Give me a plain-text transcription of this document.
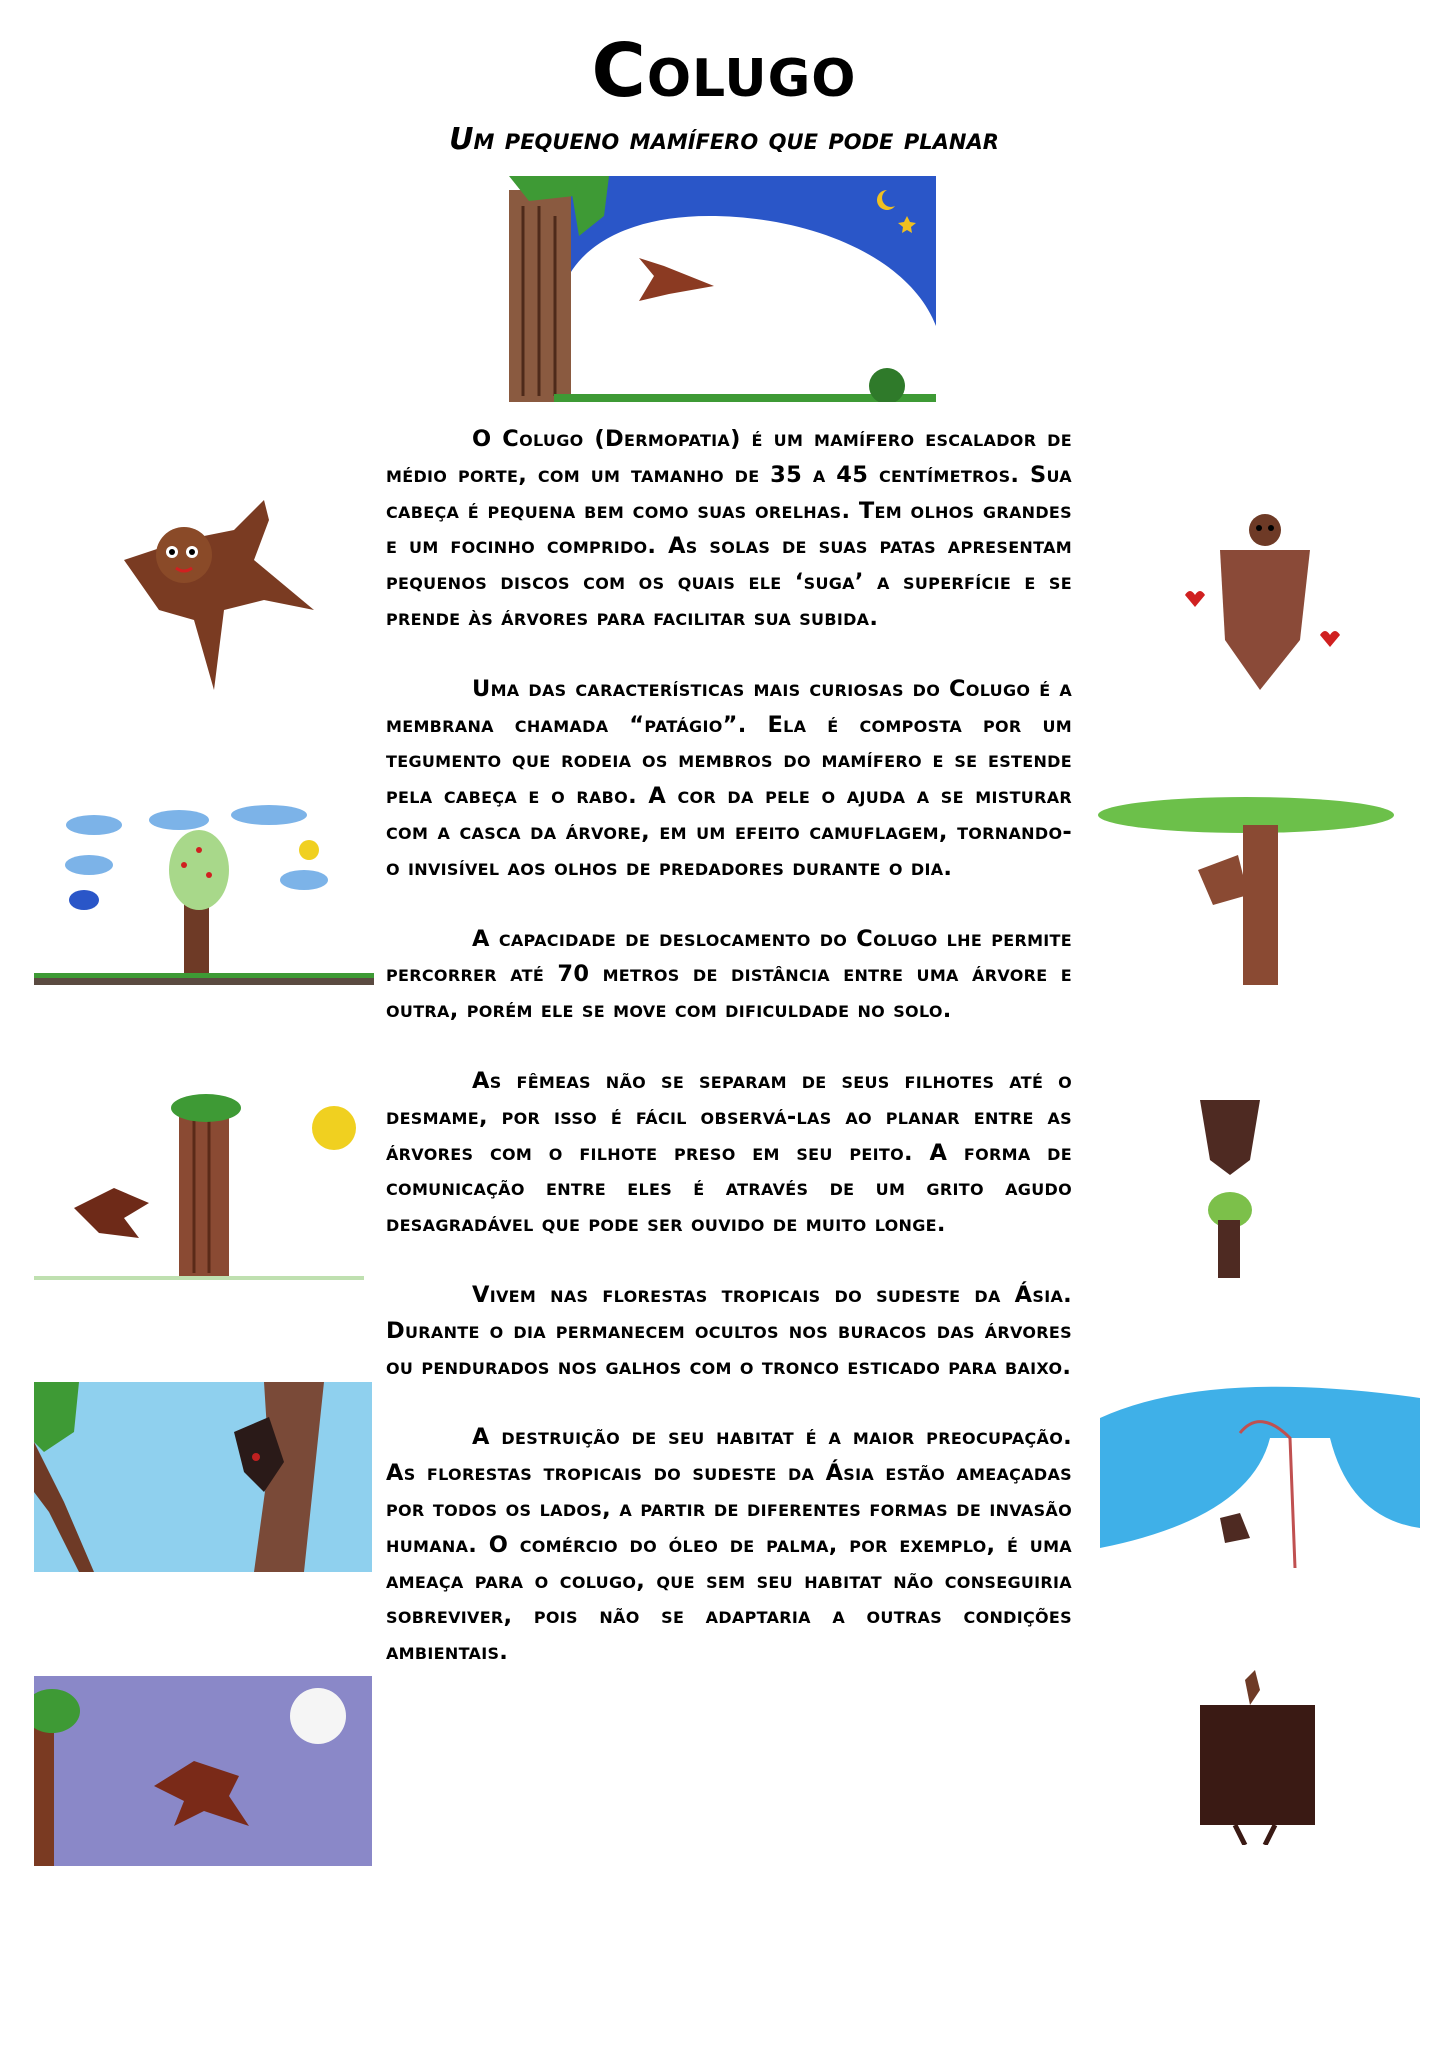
Colugo
Um pequeno mamífero que pode planar

O Colugo (Dermopatia) é um mamífero escalador de médio porte, com um tamanho de 35 a 45 centímetros. Sua cabeça é pequena bem como suas orelhas. Tem olhos grandes e um focinho comprido. As solas de suas patas apresentam pequenos discos com os quais ele ‘suga’ a superfície e se prende às árvores para facilitar sua subida.

Uma das características mais curiosas do Colugo é a membrana chamada “patágio”. Ela é composta por um tegumento que rodeia os membros do mamífero e se estende pela cabeça e o rabo. A cor da pele o ajuda a se misturar com a casca da árvore, em um efeito camuflagem, tornando-o invisível aos olhos de predadores durante o dia.

A capacidade de deslocamento do Colugo lhe permite percorrer até 70 metros de distância entre uma árvore e outra, porém ele se move com dificuldade no solo.

As fêmeas não se separam de seus filhotes até o desmame, por isso é fácil observá-las ao planar entre as árvores com o filhote preso em seu peito. A forma de comunicação entre eles é através de um grito agudo desagradável que pode ser ouvido de muito longe.

Vivem nas florestas tropicais do sudeste da Ásia. Durante o dia permanecem ocultos nos buracos das árvores ou pendurados nos galhos com o tronco esticado para baixo.

A destruição de seu habitat é a maior preocupação. As florestas tropicais do sudeste da Ásia estão ameaçadas por todos os lados, a partir de diferentes formas de invasão humana. O comércio do óleo de palma, por exemplo, é uma ameaça para o colugo, que sem seu habitat não conseguiria sobreviver, pois não se adaptaria a outras condições ambientais.
